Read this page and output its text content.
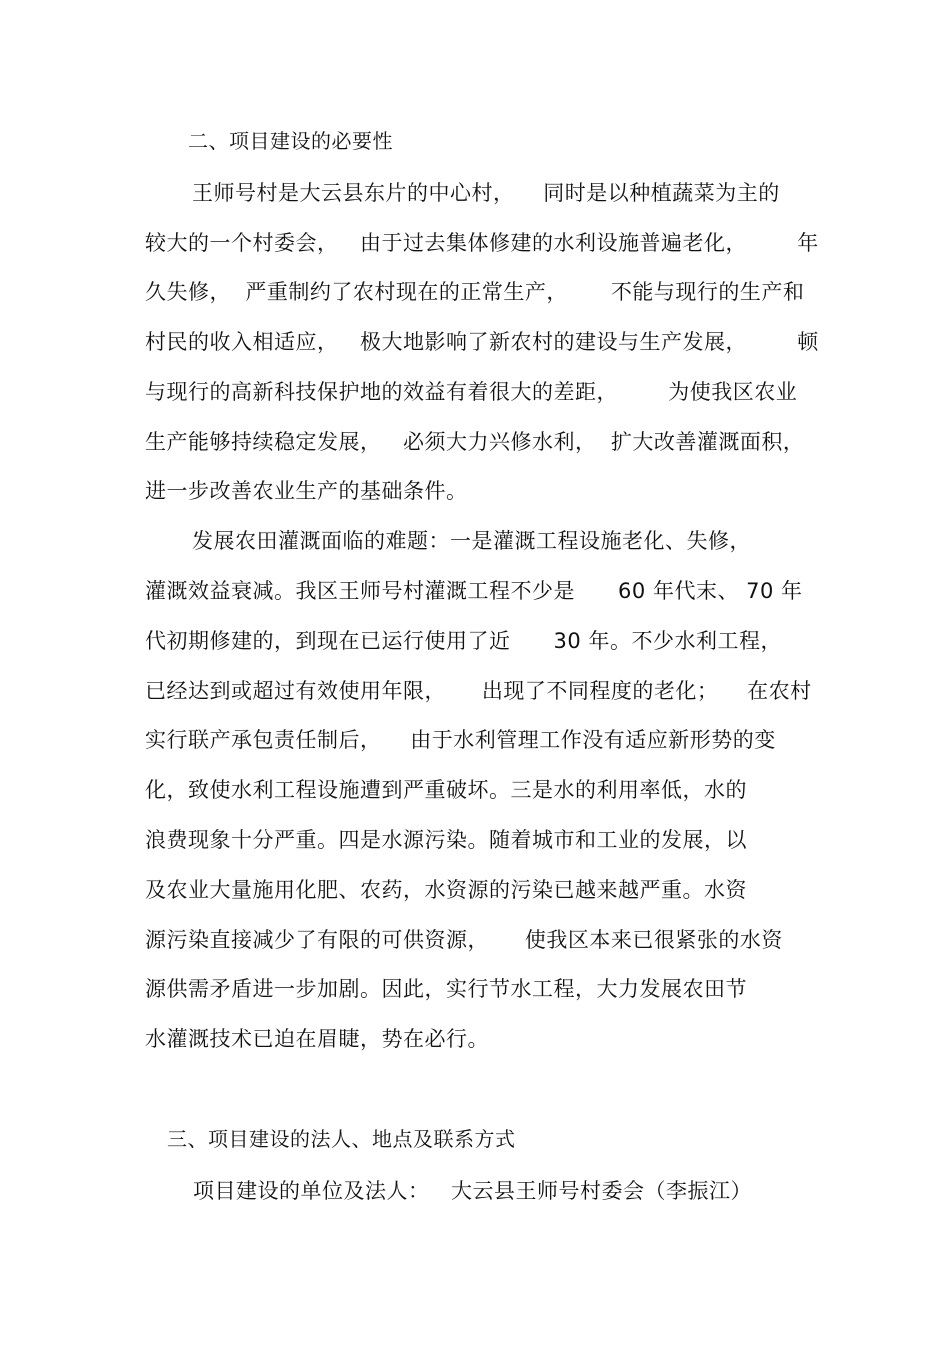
二、项目建设的必要性
王师号村是大云县东片的中心村，    同时是以种植蔬菜为主的
较大的一个村委会，   由于过去集体修建的水利设施普遍老化，       年
久失修，  严重制约了农村现在的正常生产，      不能与现行的生产和
村民的收入相适应，   极大地影响了新农村的建设与生产发展，       顿
与现行的高新科技保护地的效益有着很大的差距，       为使我区农业
生产能够持续稳定发展，   必须大力兴修水利，  扩大改善灌溉面积，
进一步改善农业生产的基础条件。
发展农田灌溉面临的难题：一是灌溉工程设施老化、失修，
灌溉效益衰减。我区王师号村灌溉工程不少是      60 年代末、 70 年
代初期修建的，到现在已运行使用了近      30 年。不少水利工程，
已经达到或超过有效使用年限，     出现了不同程度的老化；    在农村
实行联产承包责任制后，    由于水利管理工作没有适应新形势的变
化，致使水利工程设施遭到严重破坏。三是水的利用率低，水的
浪费现象十分严重。四是水源污染。随着城市和工业的发展，以
及农业大量施用化肥、农药，水资源的污染已越来越严重。水资
源污染直接减少了有限的可供资源，     使我区本来已很紧张的水资
源供需矛盾进一步加剧。因此，实行节水工程，大力发展农田节
水灌溉技术已迫在眉睫，势在必行。
三、项目建设的法人、地点及联系方式
项目建设的单位及法人：   大云县王师号村委会（李振江）
